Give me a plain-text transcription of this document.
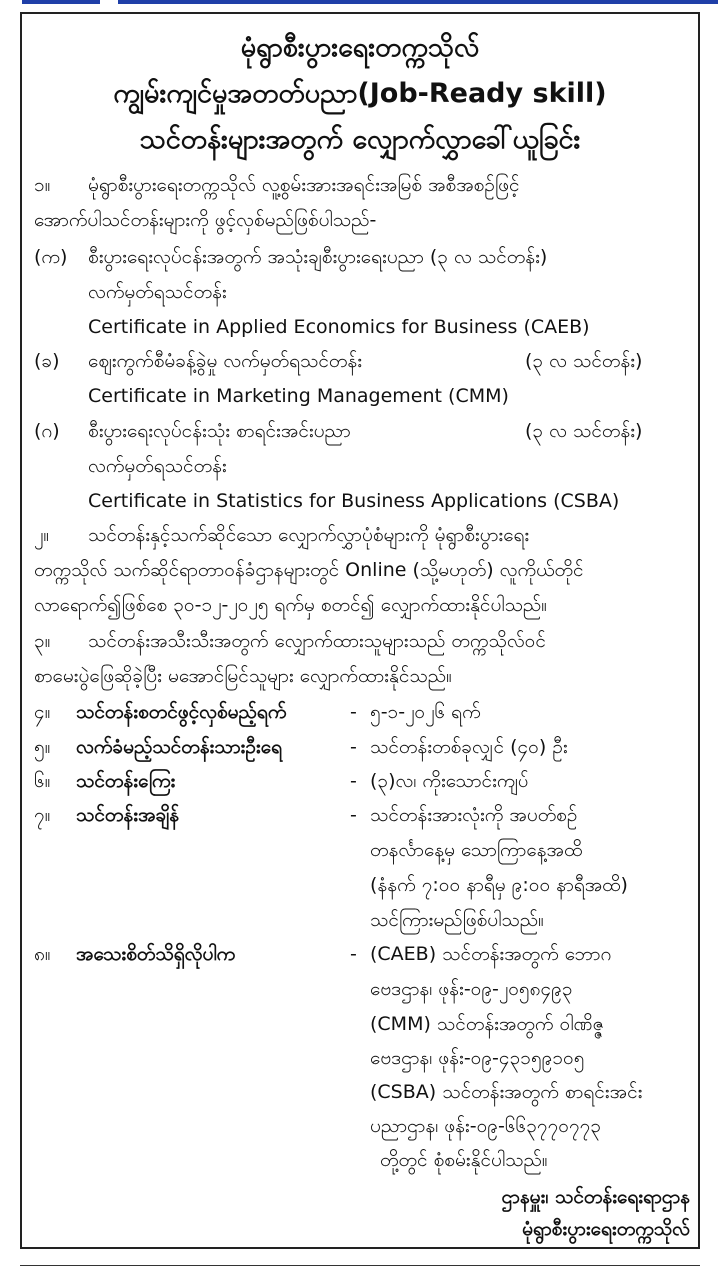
မုံရွာစီးပွားရေးတက္ကသိုလ်
ကျွမ်းကျင်မှုအတတ်ပညာ(Job-Ready skill)
သင်တန်းများအတွက် လျှောက်လွှာခေါ်ယူခြင်း
၁။ မုံရွာစီးပွားရေးတက္ကသိုလ် လူ့စွမ်းအားအရင်းအမြစ် အစီအစဉ်ဖြင့်
အောက်ပါသင်တန်းများကို ဖွင့်လှစ်မည်ဖြစ်ပါသည်-
(က) စီးပွားရေးလုပ်ငန်းအတွက် အသုံးချစီးပွားရေးပညာ (၃ လ သင်တန်း)
လက်မှတ်ရသင်တန်း
Certificate in Applied Economics for Business (CAEB)
(ခ) ဈေးကွက်စီမံခန့်ခွဲမှု လက်မှတ်ရသင်တန်း	(၃ လ သင်တန်း)
Certificate in Marketing Management (CMM)
(ဂ) စီးပွားရေးလုပ်ငန်းသုံး စာရင်းအင်းပညာ	(၃ လ သင်တန်း)
လက်မှတ်ရသင်တန်း
Certificate in Statistics for Business Applications (CSBA)
၂။ သင်တန်းနှင့်သက်ဆိုင်သော လျှောက်လွှာပုံစံများကို မုံရွာစီးပွားရေး
တက္ကသိုလ် သက်ဆိုင်ရာတာဝန်ခံဌာနများတွင် Online (သို့မဟုတ်) လူကိုယ်တိုင်
လာရောက်၍ဖြစ်စေ ၃၀-၁၂-၂၀၂၅ ရက်မှ စတင်၍ လျှောက်ထားနိုင်ပါသည်။
၃။ သင်တန်းအသီးသီးအတွက် လျှောက်ထားသူများသည် တက္ကသိုလ်ဝင်
စာမေးပွဲဖြေဆိုခဲ့ပြီး မအောင်မြင်သူများ လျှောက်ထားနိုင်သည်။
၄။ သင်တန်းစတင်ဖွင့်လှစ်မည့်ရက်	- ၅-၁-၂၀၂၆ ရက်
၅။ လက်ခံမည့်သင်တန်းသားဦးရေ	- သင်တန်းတစ်ခုလျှင် (၄၀) ဦး
၆။ သင်တန်းကြေး	- (၃)လ၊ ကိုးသောင်းကျပ်
၇။ သင်တန်းအချိန်	- သင်တန်းအားလုံးကို အပတ်စဉ်
တနင်္လာနေ့မှ သောကြာနေ့အထိ
(နံနက် ၇:၀၀ နာရီမှ ၉:၀၀ နာရီအထိ)
သင်ကြားမည်ဖြစ်ပါသည်။
၈။ အသေးစိတ်သိရှိလိုပါက	- (CAEB) သင်တန်းအတွက် ဘောဂ
ဗေဒဌာန၊ ဖုန်း-၀၉-၂၀၅၈၄၉၃
(CMM) သင်တန်းအတွက် ဝါဏိဇ္ဇ
ဗေဒဌာန၊ ဖုန်း-၀၉-၄၃၁၅၉၁၀၅
(CSBA) သင်တန်းအတွက် စာရင်းအင်း
ပညာဌာန၊ ဖုန်း-၀၉-၆၆၃၇၇၀၇၇၃
တို့တွင် စုံစမ်းနိုင်ပါသည်။
ဌာနမှူး၊ သင်တန်းရေးရာဌာန
မုံရွာစီးပွားရေးတက္ကသိုလ်
